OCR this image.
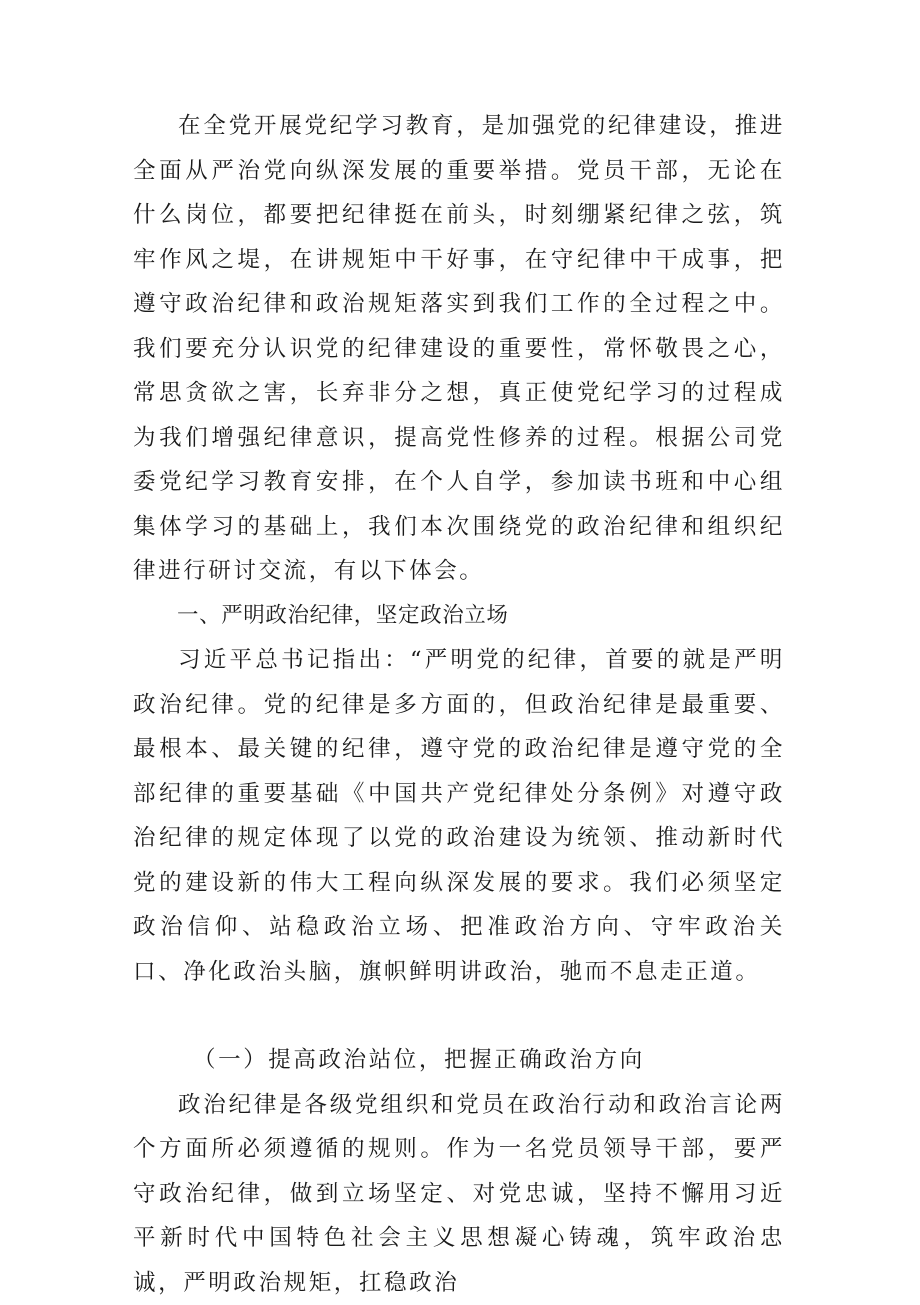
在全党开展党纪学习教育，是加强党的纪律建设，推进全面从严治党向纵深发展的重要举措。党员干部，无论在什么岗位，都要把纪律挺在前头，时刻绷紧纪律之弦，筑牢作风之堤，在讲规矩中干好事，在守纪律中干成事，把遵守政治纪律和政治规矩落实到我们工作的全过程之中。我们要充分认识党的纪律建设的重要性，常怀敬畏之心，常思贪欲之害，长弃非分之想，真正使党纪学习的过程成为我们增强纪律意识，提高党性修养的过程。根据公司党委党纪学习教育安排，在个人自学，参加读书班和中心组集体学习的基础上，我们本次围绕党的政治纪律和组织纪律进行研讨交流，有以下体会。

一、严明政治纪律，坚定政治立场

习近平总书记指出：“严明党的纪律，首要的就是严明政治纪律。党的纪律是多方面的，但政治纪律是最重要、最根本、最关键的纪律，遵守党的政治纪律是遵守党的全部纪律的重要基础《中国共产党纪律处分条例》对遵守政治纪律的规定体现了以党的政治建设为统领、推动新时代党的建设新的伟大工程向纵深发展的要求。我们必须坚定政治信仰、站稳政治立场、把准政治方向、守牢政治关口、净化政治头脑，旗帜鲜明讲政治，驰而不息走正道。

（一）提高政治站位，把握正确政治方向

政治纪律是各级党组织和党员在政治行动和政治言论两个方面所必须遵循的规则。作为一名党员领导干部，要严守政治纪律，做到立场坚定、对党忠诚，坚持不懈用习近平新时代中国特色社会主义思想凝心铸魂，筑牢政治忠诚，严明政治规矩，扛稳政治
